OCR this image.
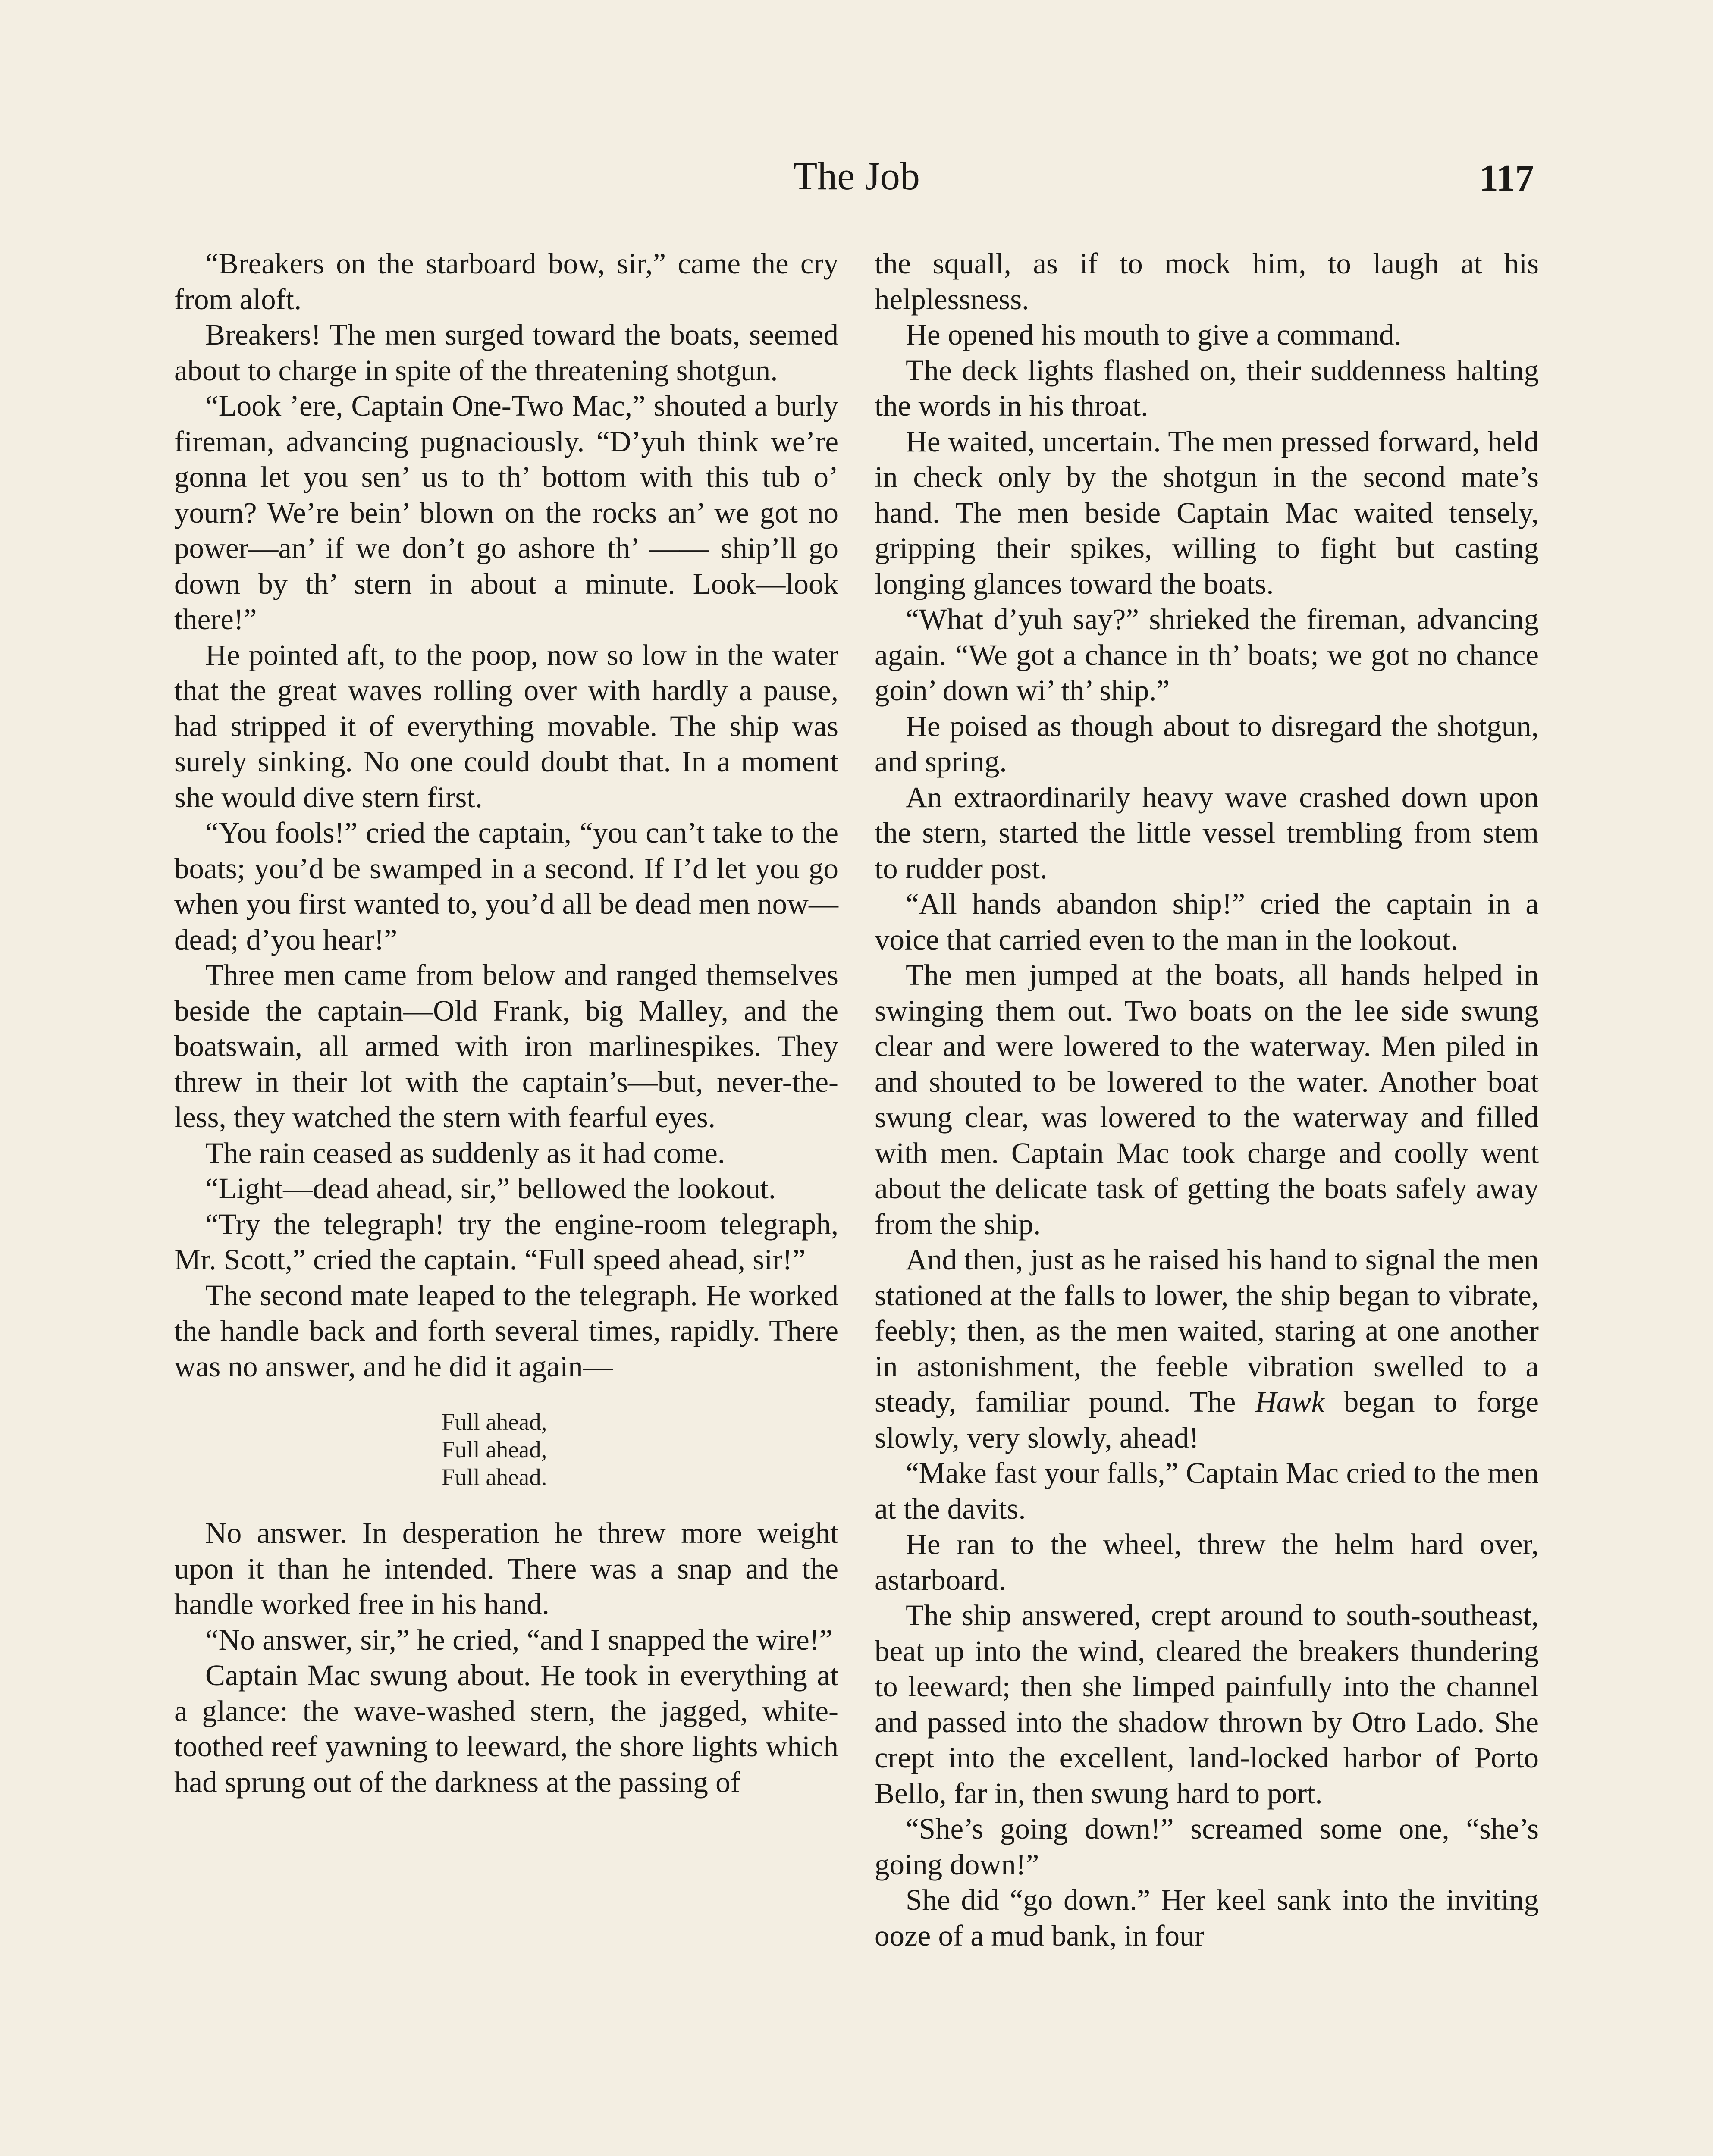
The Job	117

“Breakers on the starboard bow, sir,” came the cry from aloft.

Breakers! The men surged toward the boats, seemed about to charge in spite of the threatening shotgun.

“Look ’ere, Captain One-Two Mac,” shouted a burly fireman, advancing pugnaciously. “D’yuh think we’re gonna let you sen’ us to th’ bottom with this tub o’ yourn? We’re bein’ blown on the rocks an’ we got no power—an’ if we don’t go ashore th’ —— ship’ll go down by th’ stern in about a minute. Look—look there!”

He pointed aft, to the poop, now so low in the water that the great waves rolling over with hardly a pause, had stripped it of everything movable. The ship was surely sinking. No one could doubt that. In a moment she would dive stern first.

“You fools!” cried the captain, “you can’t take to the boats; you’d be swamped in a second. If I’d let you go when you first wanted to, you’d all be dead men now—dead; d’you hear!”

Three men came from below and ranged themselves beside the captain—Old Frank, big Malley, and the boatswain, all armed with iron marlinespikes. They threw in their lot with the captain’s—but, never-the-less, they watched the stern with fearful eyes.

The rain ceased as suddenly as it had come.

“Light—dead ahead, sir,” bellowed the lookout.

“Try the telegraph! try the engine-room telegraph, Mr. Scott,” cried the captain. “Full speed ahead, sir!”

The second mate leaped to the telegraph. He worked the handle back and forth several times, rapidly. There was no answer, and he did it again—

Full ahead,
Full ahead,
Full ahead.

No answer. In desperation he threw more weight upon it than he intended. There was a snap and the handle worked free in his hand.

“No answer, sir,” he cried, “and I snapped the wire!”

Captain Mac swung about. He took in everything at a glance: the wave-washed stern, the jagged, white-toothed reef yawning to leeward, the shore lights which had sprung out of the darkness at the passing of

the squall, as if to mock him, to laugh at his helplessness.

He opened his mouth to give a command.

The deck lights flashed on, their suddenness halting the words in his throat.

He waited, uncertain. The men pressed forward, held in check only by the shotgun in the second mate’s hand. The men beside Captain Mac waited tensely, gripping their spikes, willing to fight but casting longing glances toward the boats.

“What d’yuh say?” shrieked the fireman, advancing again. “We got a chance in th’ boats; we got no chance goin’ down wi’ th’ ship.”

He poised as though about to disregard the shotgun, and spring.

An extraordinarily heavy wave crashed down upon the stern, started the little vessel trembling from stem to rudder post.

“All hands abandon ship!” cried the captain in a voice that carried even to the man in the lookout.

The men jumped at the boats, all hands helped in swinging them out. Two boats on the lee side swung clear and were lowered to the waterway. Men piled in and shouted to be lowered to the water. Another boat swung clear, was lowered to the waterway and filled with men. Captain Mac took charge and coolly went about the delicate task of getting the boats safely away from the ship.

And then, just as he raised his hand to signal the men stationed at the falls to lower, the ship began to vibrate, feebly; then, as the men waited, staring at one another in astonishment, the feeble vibration swelled to a steady, familiar pound. The Hawk began to forge slowly, very slowly, ahead!

“Make fast your falls,” Captain Mac cried to the men at the davits.

He ran to the wheel, threw the helm hard over, astarboard.

The ship answered, crept around to south-southeast, beat up into the wind, cleared the breakers thundering to leeward; then she limped painfully into the channel and passed into the shadow thrown by Otro Lado. She crept into the excellent, land-locked harbor of Porto Bello, far in, then swung hard to port.

“She’s going down!” screamed some one, “she’s going down!”

She did “go down.” Her keel sank into the inviting ooze of a mud bank, in four
